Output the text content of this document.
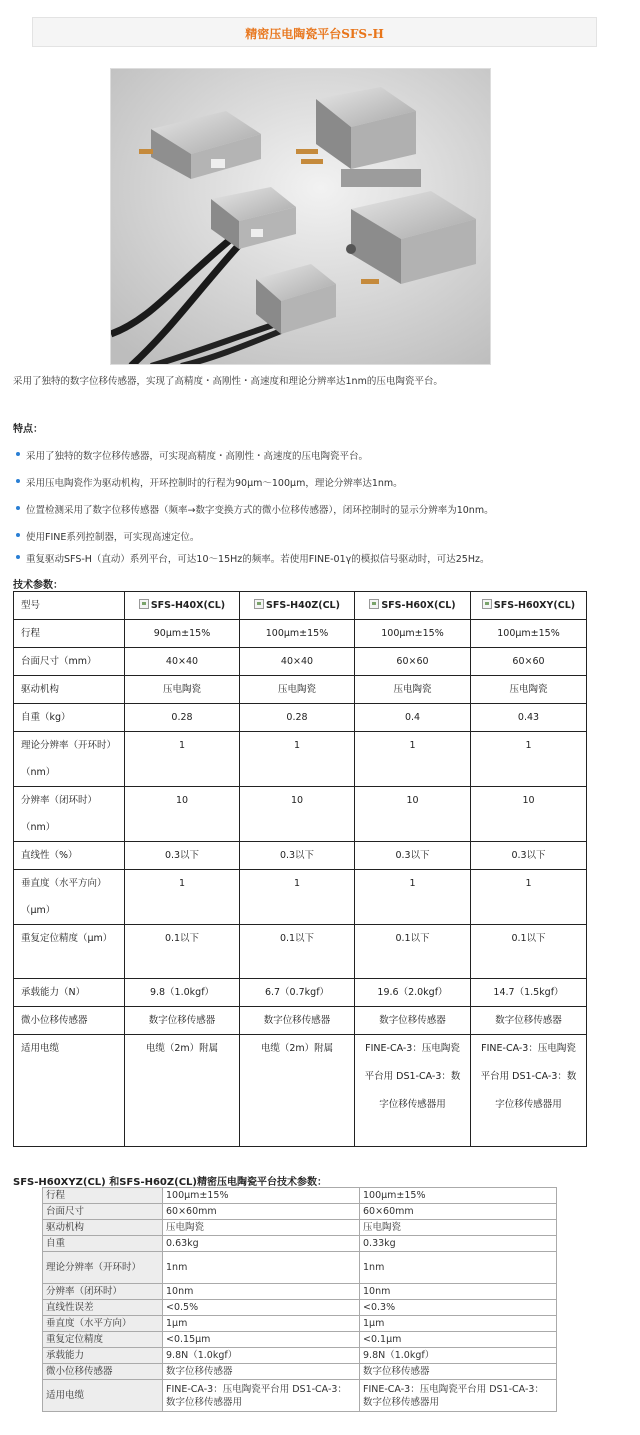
精密压电陶瓷平台SFS-H
采用了独特的数字位移传感器，实现了高精度・高刚性・高速度和理论分辨率达1nm的压电陶瓷平台。
特点：
采用了独特的数字位移传感器，可实现高精度・高刚性・高速度的压电陶瓷平台。
采用压电陶瓷作为驱动机构，开环控制时的行程为90μm～100μm，理论分辨率达1nm。
位置检测采用了数字位移传感器（频率→数字变换方式的微小位移传感器），闭环控制时的显示分辨率为10nm。
使用FINE系列控制器，可实现高速定位。
重复驱动SFS-H（直动）系列平台，可达10～15Hz的频率。若使用FINE-01γ的模拟信号驱动时，可达25Hz。
技术参数：
型号	SFS-H40X(CL)	SFS-H40Z(CL)	SFS-H60X(CL)	SFS-H60XY(CL)
行程	90μm±15%	100μm±15%	100μm±15%	100μm±15%
台面尺寸（mm）	40×40	40×40	60×60	60×60
驱动机构	压电陶瓷	压电陶瓷	压电陶瓷	压电陶瓷
自重（kg）	0.28	0.28	0.4	0.43
理论分辨率（开环时）（nm）	1	1	1	1
分辨率（闭环时）（nm）	10	10	10	10
直线性（%）	0.3以下	0.3以下	0.3以下	0.3以下
垂直度（水平方向）（μm）	1	1	1	1
重复定位精度（μm）	0.1以下	0.1以下	0.1以下	0.1以下
承载能力（N）	9.8（1.0kgf）	6.7（0.7kgf）	19.6（2.0kgf）	14.7（1.5kgf）
微小位移传感器	数字位移传感器	数字位移传感器	数字位移传感器	数字位移传感器
适用电缆	电缆（2m）附属	电缆（2m）附属	FINE-CA-3：压电陶瓷平台用 DS1-CA-3：数字位移传感器用	FINE-CA-3：压电陶瓷平台用 DS1-CA-3：数字位移传感器用
SFS-H60XYZ(CL) 和SFS-H60Z(CL)精密压电陶瓷平台技术参数：
行程	100μm±15%	100μm±15%
台面尺寸	60×60mm	60×60mm
驱动机构	压电陶瓷	压电陶瓷
自重	0.63kg	0.33kg
理论分辨率（开环时）	1nm	1nm
分辨率（闭环时）	10nm	10nm
直线性误差	<0.5%	<0.3%
垂直度（水平方向）	1μm	1μm
重复定位精度	<0.15μm	<0.1μm
承载能力	9.8N（1.0kgf）	9.8N（1.0kgf）
微小位移传感器	数字位移传感器	数字位移传感器
适用电缆	FINE-CA-3：压电陶瓷平台用 DS1-CA-3：数字位移传感器用	FINE-CA-3：压电陶瓷平台用 DS1-CA-3：数字位移传感器用
